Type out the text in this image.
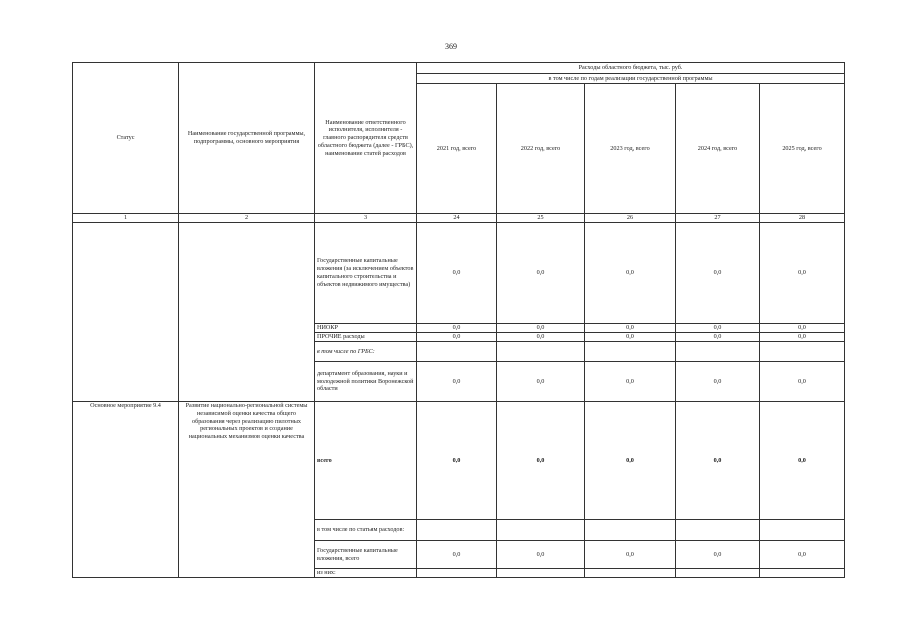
369
Статус	Наименование государственной программы, подпрограммы, основного мероприятия	Наименование ответственного исполнителя, исполнителя - главного распорядителя средств областного бюджета (далее - ГРБС), наименование статей расходов	Расходы областного бюджета, тыс. руб.				
			в том числе по годам реализации государственной программы				
			2021 год, всего	2022 год, всего	2023 год, всего	2024 год, всего	2025 год, всего
1	2	3	24	25	26	27	28
		Государственные капитальные вложения (за исключением объектов капитального строительства и объектов недвижимого имущества)	0,0	0,0	0,0	0,0	0,0
		НИОКР	0,0	0,0	0,0	0,0	0,0
		ПРОЧИЕ расходы	0,0	0,0	0,0	0,0	0,0
		в том числе по ГРБС:					
		департамент образования, науки и молодежной политики Воронежской области	0,0	0,0	0,0	0,0	0,0
Основное мероприятие 9.4	Развитие национально-региональной системы независимой оценки качества общего образования через реализацию пилотных региональных проектов и создание национальных механизмов оценки качества	всего	0,0	0,0	0,0	0,0	0,0
		в том числе по статьям расходов:					
		Государственные капитальные вложения, всего	0,0	0,0	0,0	0,0	0,0
		из них:					
